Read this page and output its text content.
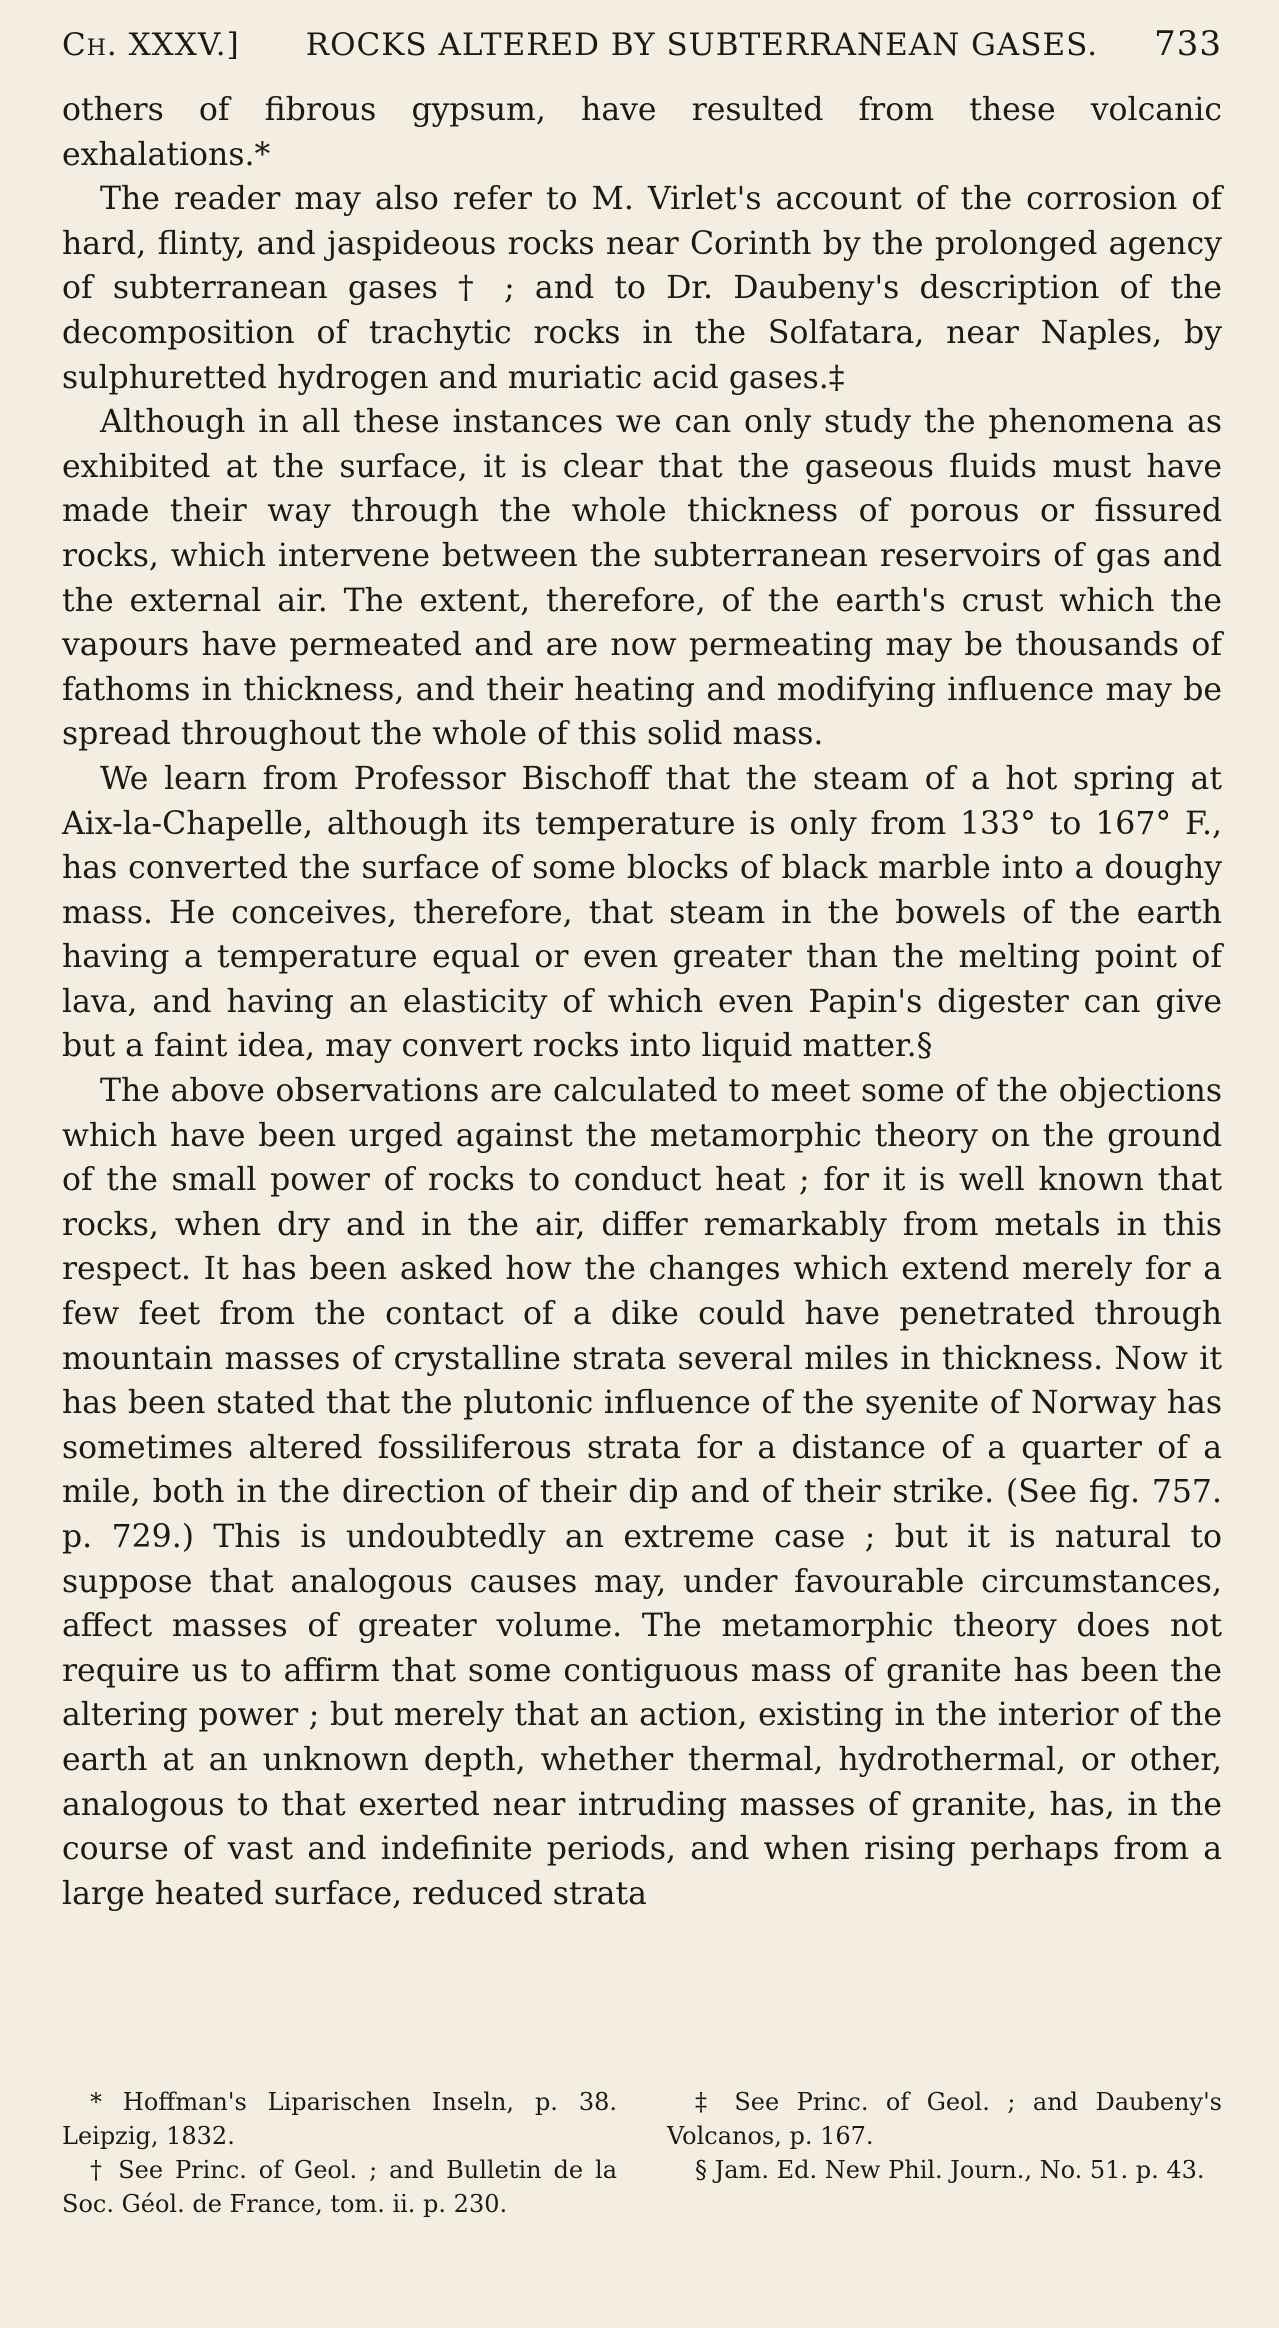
Ch. XXXV.]	ROCKS ALTERED BY SUBTERRANEAN GASES.	733

others of fibrous gypsum, have resulted from these volcanic exhalations.*

The reader may also refer to M. Virlet's account of the corrosion of hard, flinty, and jaspideous rocks near Corinth by the prolonged agency of subterranean gases † ; and to Dr. Daubeny's description of the decomposition of trachytic rocks in the Solfatara, near Naples, by sulphuretted hydrogen and muriatic acid gases.‡

Although in all these instances we can only study the phenomena as exhibited at the surface, it is clear that the gaseous fluids must have made their way through the whole thickness of porous or fissured rocks, which intervene between the subterranean reservoirs of gas and the external air. The extent, therefore, of the earth's crust which the vapours have permeated and are now permeating may be thousands of fathoms in thickness, and their heating and modifying influence may be spread throughout the whole of this solid mass.

We learn from Professor Bischoff that the steam of a hot spring at Aix-la-Chapelle, although its temperature is only from 133° to 167° F., has converted the surface of some blocks of black marble into a doughy mass. He conceives, therefore, that steam in the bowels of the earth having a temperature equal or even greater than the melting point of lava, and having an elasticity of which even Papin's digester can give but a faint idea, may convert rocks into liquid matter.§

The above observations are calculated to meet some of the objections which have been urged against the metamorphic theory on the ground of the small power of rocks to conduct heat ; for it is well known that rocks, when dry and in the air, differ remarkably from metals in this respect. It has been asked how the changes which extend merely for a few feet from the contact of a dike could have penetrated through mountain masses of crystalline strata several miles in thickness. Now it has been stated that the plutonic influence of the syenite of Norway has sometimes altered fossiliferous strata for a distance of a quarter of a mile, both in the direction of their dip and of their strike. (See fig. 757. p. 729.) This is undoubtedly an extreme case ; but it is natural to suppose that analogous causes may, under favourable circumstances, affect masses of greater volume. The metamorphic theory does not require us to affirm that some contiguous mass of granite has been the altering power ; but merely that an action, existing in the interior of the earth at an unknown depth, whether thermal, hydrothermal, or other, analogous to that exerted near intruding masses of granite, has, in the course of vast and indefinite periods, and when rising perhaps from a large heated surface, reduced strata

* Hoffman's Liparischen Inseln, p. 38. Leipzig, 1832.

† See Princ. of Geol. ; and Bulletin de la Soc. Géol. de France, tom. ii. p. 230.

‡ See Princ. of Geol. ; and Daubeny's Volcanos, p. 167.

§ Jam. Ed. New Phil. Journ., No. 51. p. 43.
